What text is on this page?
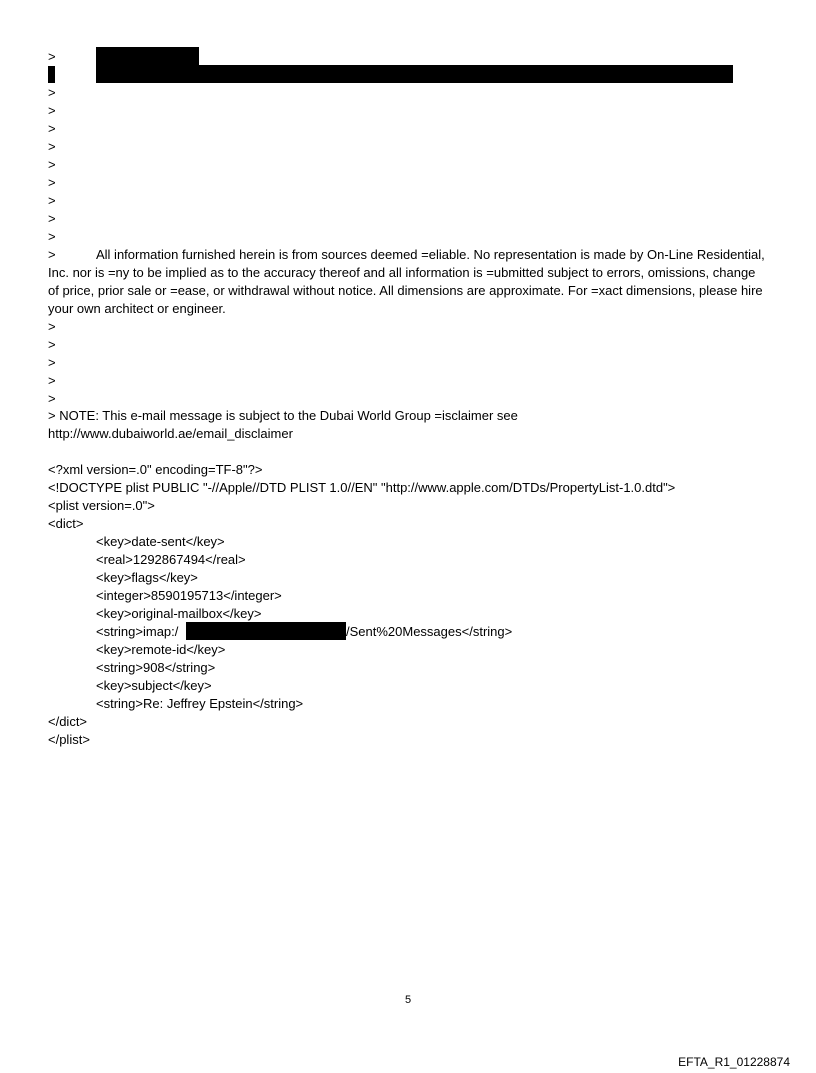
>
>
>
>
>
>
>
>
>
>
>	All information furnished herein is from sources deemed =eliable. No representation is made by On-Line Residential, Inc. nor is =ny to be implied as to the accuracy thereof and all information is =ubmitted subject to errors, omissions, change of price, prior sale or =ease, or withdrawal without notice. All dimensions are approximate. For =xact dimensions, please hire your own architect or engineer.
>
>
>
>
>
> NOTE: This e-mail message is subject to the Dubai World Group =isclaimer see
http://www.dubaiworld.ae/email_disclaimer
<?xml version=.0" encoding=TF-8"?>
<!DOCTYPE plist PUBLIC "-//Apple//DTD PLIST 1.0//EN" "http://www.apple.com/DTDs/PropertyList-1.0.dtd">
<plist version=.0">
<dict>
<key>date-sent</key>
<real>1292867494</real>
<key>flags</key>
<integer>8590195713</integer>
<key>original-mailbox</key>
<string>imap:/	/Sent%20Messages</string>
<key>remote-id</key>
<string>908</string>
<key>subject</key>
<string>Re: Jeffrey Epstein</string>
</dict>
</plist>
5
EFTA_R1_01228874
